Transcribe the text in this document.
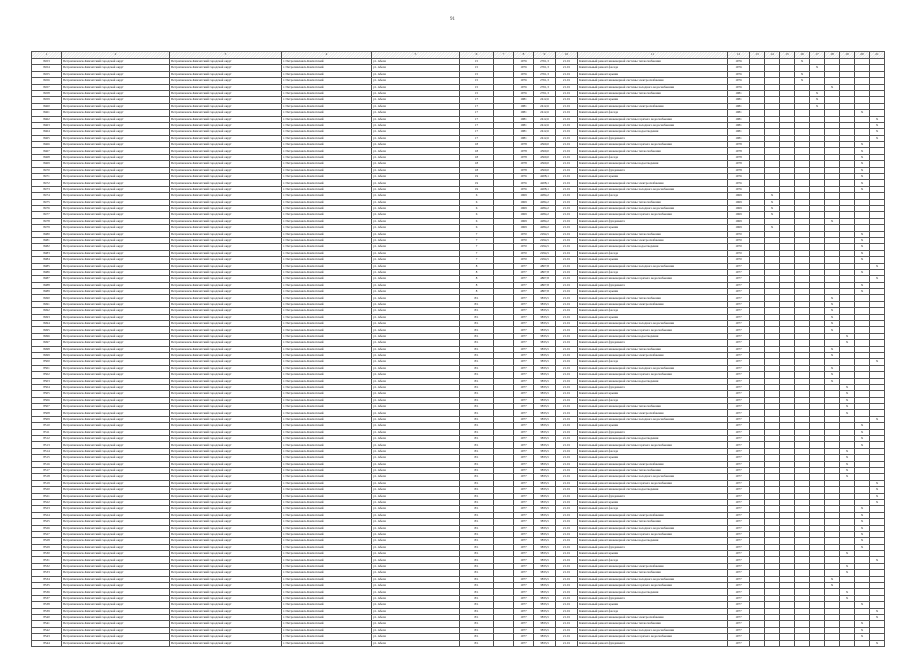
91
1	2	3	4	5	6	7	8	9	10	11	12	13	14	15	16	17	18	19	20	21
8453	Петропавловск-Камчатский городской округ	Петропавловск-Камчатский городской округ	г. Петропавловск-Камчатский	ул. Абеля	15		1976	2761,3	21.01	Капитальный ремонт инженерной системы теплоснабжения	1976				X					
8454	Петропавловск-Камчатский городской округ	Петропавловск-Камчатский городской округ	г. Петропавловск-Камчатский	ул. Абеля	15		1976	2761,3	21.01	Капитальный ремонт фасада	1976					X				
8455	Петропавловск-Камчатский городской округ	Петропавловск-Камчатский городской округ	г. Петропавловск-Камчатский	ул. Абеля	15		1976	2761,3	21.01	Капитальный ремонт крыши	1976				X					
8456	Петропавловск-Камчатский городской округ	Петропавловск-Камчатский городской округ	г. Петропавловск-Камчатский	ул. Абеля	15		1976	2761,3	21.01	Капитальный ремонт инженерной системы электроснабжения	1976				X					
8457	Петропавловск-Камчатский городской округ	Петропавловск-Камчатский городской округ	г. Петропавловск-Камчатский	ул. Абеля	15		1976	2761,3	21.01	Капитальный ремонт инженерной системы холодного водоснабжения	1976						X			
8458	Петропавловск-Камчатский городской округ	Петропавловск-Камчатский городской округ	г. Петропавловск-Камчатский	ул. Абеля	15		1976	2761,3	21.01	Капитальный ремонт инженерной системы теплоснабжения	1981					X				
8459	Петропавловск-Камчатский городской округ	Петропавловск-Камчатский городской округ	г. Петропавловск-Камчатский	ул. Абеля	17		1981	2412,6	21.01	Капитальный ремонт крыши	1981					X				
8460	Петропавловск-Камчатский городской округ	Петропавловск-Камчатский городской округ	г. Петропавловск-Камчатский	ул. Абеля	17		1981	2412,6	21.01	Капитальный ремонт инженерной системы электроснабжения	1981					X				
8461	Петропавловск-Камчатский городской округ	Петропавловск-Камчатский городской округ	г. Петропавловск-Камчатский	ул. Абеля	17		1981	2412,6	21.01	Капитальный ремонт фасада	1981								X	
8462	Петропавловск-Камчатский городской округ	Петропавловск-Камчатский городской округ	г. Петропавловск-Камчатский	ул. Абеля	17		1981	2412,6	21.01	Капитальный ремонт инженерной системы горячего водоснабжения	1981									X
8463	Петропавловск-Камчатский городской округ	Петропавловск-Камчатский городской округ	г. Петропавловск-Камчатский	ул. Абеля	17		1981	2412,6	21.01	Капитальный ремонт инженерной системы холодного водоснабжения	1981									X
8464	Петропавловск-Камчатский городской округ	Петропавловск-Камчатский городской округ	г. Петропавловск-Камчатский	ул. Абеля	17		1981	2412,6	21.01	Капитальный ремонт инженерной системы водоотведения	1981									X
8465	Петропавловск-Камчатский городской округ	Петропавловск-Камчатский городской округ	г. Петропавловск-Камчатский	ул. Абеля	17		1981	2412,6	21.01	Капитальный ремонт фундамента	1981									X
8466	Петропавловск-Камчатский городской округ	Петропавловск-Камчатский городской округ	г. Петропавловск-Камчатский	ул. Абеля	18		1978	4560,0	21.01	Капитальный ремонт инженерной системы горячего водоснабжения	1978								X	
8467	Петропавловск-Камчатский городской округ	Петропавловск-Камчатский городской округ	г. Петропавловск-Камчатский	ул. Абеля	18		1978	4560,0	21.01	Капитальный ремонт инженерной системы теплоснабжения	1978								X	
8468	Петропавловск-Камчатский городской округ	Петропавловск-Камчатский городской округ	г. Петропавловск-Камчатский	ул. Абеля	18		1978	4560,0	21.01	Капитальный ремонт фасада	1978								X	
8469	Петропавловск-Камчатский городской округ	Петропавловск-Камчатский городской округ	г. Петропавловск-Камчатский	ул. Абеля	18		1978	4560,0	21.01	Капитальный ремонт инженерной системы водоотведения	1978								X	
8470	Петропавловск-Камчатский городской округ	Петропавловск-Камчатский городской округ	г. Петропавловск-Камчатский	ул. Абеля	18		1978	4560,0	21.01	Капитальный ремонт фундамента	1978								X	
8471	Петропавловск-Камчатский городской округ	Петропавловск-Камчатский городской округ	г. Петропавловск-Камчатский	ул. Абеля	19		1976	4208,1	21.01	Капитальный ремонт крыши	1976								X	
8472	Петропавловск-Камчатский городской округ	Петропавловск-Камчатский городской округ	г. Петропавловск-Камчатский	ул. Абеля	19		1976	4208,1	21.01	Капитальный ремонт инженерной системы электроснабжения	1976								X	
8473	Петропавловск-Камчатский городской округ	Петропавловск-Камчатский городской округ	г. Петропавловск-Камчатский	ул. Абеля	19		1976	4208,1	21.01	Капитальный ремонт инженерной системы холодного водоснабжения	1976								X	
8474	Петропавловск-Камчатский городской округ	Петропавловск-Камчатский городской округ	г. Петропавловск-Камчатский	ул. Абеля	6		1969	4284,2	21.01	Капитальный ремонт фасада	1969		X							
8475	Петропавловск-Камчатский городской округ	Петропавловск-Камчатский городской округ	г. Петропавловск-Камчатский	ул. Абеля	6		1969	4284,2	21.01	Капитальный ремонт инженерной системы теплоснабжения	1969		X							
8476	Петропавловск-Камчатский городской округ	Петропавловск-Камчатский городской округ	г. Петропавловск-Камчатский	ул. Абеля	6		1969	4284,2	21.01	Капитальный ремонт инженерной системы холодного водоснабжения	1969		X							
8477	Петропавловск-Камчатский городской округ	Петропавловск-Камчатский городской округ	г. Петропавловск-Камчатский	ул. Абеля	6		1969	4284,2	21.01	Капитальный ремонт инженерной системы горячего водоснабжения	1969		X							
8478	Петропавловск-Камчатский городской округ	Петропавловск-Камчатский городской округ	г. Петропавловск-Камчатский	ул. Абеля	6		1969	4284,2	21.01	Капитальный ремонт фундамента	1969						X			
8479	Петропавловск-Камчатский городской округ	Петропавловск-Камчатский городской округ	г. Петропавловск-Камчатский	ул. Абеля	6		1969	4284,2	21.01	Капитальный ремонт крыши	1969		X							
8480	Петропавловск-Камчатский городской округ	Петропавловск-Камчатский городской округ	г. Петропавловск-Камчатский	ул. Абеля	7		1970	2294,5	21.01	Капитальный ремонт инженерной системы теплоснабжения	1970								X	
8481	Петропавловск-Камчатский городской округ	Петропавловск-Камчатский городской округ	г. Петропавловск-Камчатский	ул. Абеля	7		1970	2294,5	21.01	Капитальный ремонт инженерной системы электроснабжения	1970								X	
8482	Петропавловск-Камчатский городской округ	Петропавловск-Камчатский городской округ	г. Петропавловск-Камчатский	ул. Абеля	7		1970	2294,5	21.01	Капитальный ремонт инженерной системы водоотведения	1970								X	
8483	Петропавловск-Камчатский городской округ	Петропавловск-Камчатский городской округ	г. Петропавловск-Камчатский	ул. Абеля	7		1970	2294,5	21.01	Капитальный ремонт фасада	1970								X	
8484	Петропавловск-Камчатский городской округ	Петропавловск-Камчатский городской округ	г. Петропавловск-Камчатский	ул. Абеля	7		1970	2294,5	21.01	Капитальный ремонт крыши	1970								X	
8485	Петропавловск-Камчатский городской округ	Петропавловск-Камчатский городской округ	г. Петропавловск-Камчатский	ул. Абеля	8		1977	4807,8	21.01	Капитальный ремонт инженерной системы холодного водоснабжения	1977									X
8486	Петропавловск-Камчатский городской округ	Петропавловск-Камчатский городской округ	г. Петропавловск-Камчатский	ул. Абеля	8		1977	4807,8	21.01	Капитальный ремонт фасада	1977								X	
8487	Петропавловск-Камчатский городской округ	Петропавловск-Камчатский городской округ	г. Петропавловск-Камчатский	ул. Абеля	8		1977	4807,8	21.01	Капитальный ремонт инженерной системы горячего водоснабжения	1977									X
8488	Петропавловск-Камчатский городской округ	Петропавловск-Камчатский городской округ	г. Петропавловск-Камчатский	ул. Абеля	8		1977	4807,8	21.01	Капитальный ремонт фундамента	1977								X	
8489	Петропавловск-Камчатский городской округ	Петропавловск-Камчатский городской округ	г. Петропавловск-Камчатский	ул. Абеля	8		1977	4807,8	21.01	Капитальный ремонт крыши	1977								X	
8490	Петропавловск-Камчатский городской округ	Петропавловск-Камчатский городской округ	г. Петропавловск-Камчатский	ул. Абеля	8/1		1977	3833,5	21.01	Капитальный ремонт инженерной системы теплоснабжения	1977						X			
8491	Петропавловск-Камчатский городской округ	Петропавловск-Камчатский городской округ	г. Петропавловск-Камчатский	ул. Абеля	8/1		1977	3833,5	21.01	Капитальный ремонт инженерной системы электроснабжения	1977						X			
8492	Петропавловск-Камчатский городской округ	Петропавловск-Камчатский городской округ	г. Петропавловск-Камчатский	ул. Абеля	8/1		1977	3833,5	21.01	Капитальный ремонт фасада	1977						X			
8493	Петропавловск-Камчатский городской округ	Петропавловск-Камчатский городской округ	г. Петропавловск-Камчатский	ул. Абеля	8/1		1977	3833,5	21.01	Капитальный ремонт крыши	1977						X			
8494	Петропавловск-Камчатский городской округ	Петропавловск-Камчатский городской округ	г. Петропавловск-Камчатский	ул. Абеля	8/1		1977	3833,5	21.01	Капитальный ремонт инженерной системы холодного водоснабжения	1977						X			
8495	Петропавловск-Камчатский городской округ	Петропавловск-Камчатский городской округ	г. Петропавловск-Камчатский	ул. Абеля	8/1		1977	3833,5	21.01	Капитальный ремонт инженерной системы горячего водоснабжения	1977						X			
8496	Петропавловск-Камчатский городской округ	Петропавловск-Камчатский городской округ	г. Петропавловск-Камчатский	ул. Абеля	8/1		1977	3833,5	21.01	Капитальный ремонт инженерной системы водоотведения	1977							X		
8497	Петропавловск-Камчатский городской округ	Петропавловск-Камчатский городской округ	г. Петропавловск-Камчатский	ул. Абеля	8/1		1977	3833,5	21.01	Капитальный ремонт фундамента	1977							X		
8498	Петропавловск-Камчатский городской округ	Петропавловск-Камчатский городской округ	г. Петропавловск-Камчатский	ул. Абеля	8/1		1977	3833,5	21.01	Капитальный ремонт инженерной системы теплоснабжения	1977						X			
8499	Петропавловск-Камчатский городской округ	Петропавловск-Камчатский городской округ	г. Петропавловск-Камчатский	ул. Абеля	8/1		1977	3833,5	21.01	Капитальный ремонт инженерной системы электроснабжения	1977						X			
8500	Петропавловск-Камчатский городской округ	Петропавловск-Камчатский городской округ	г. Петропавловск-Камчатский	ул. Абеля	8/1		1977	3833,5	21.01	Капитальный ремонт фасада	1977									X
8501	Петропавловск-Камчатский городской округ	Петропавловск-Камчатский городской округ	г. Петропавловск-Камчатский	ул. Абеля	8/1		1977	3833,5	21.01	Капитальный ремонт инженерной системы холодного водоснабжения	1977						X			
8502	Петропавловск-Камчатский городской округ	Петропавловск-Камчатский городской округ	г. Петропавловск-Камчатский	ул. Абеля	8/1		1977	3833,5	21.01	Капитальный ремонт инженерной системы горячего водоснабжения	1977						X			
8503	Петропавловск-Камчатский городской округ	Петропавловск-Камчатский городской округ	г. Петропавловск-Камчатский	ул. Абеля	8/1		1977	3833,5	21.01	Капитальный ремонт инженерной системы водоотведения	1977						X			
8504	Петропавловск-Камчатский городской округ	Петропавловск-Камчатский городской округ	г. Петропавловск-Камчатский	ул. Абеля	8/1		1977	3833,5	21.01	Капитальный ремонт фундамента	1977							X		
8505	Петропавловск-Камчатский городской округ	Петропавловск-Камчатский городской округ	г. Петропавловск-Камчатский	ул. Абеля	8/1		1977	3833,5	21.01	Капитальный ремонт крыши	1977							X		
8506	Петропавловск-Камчатский городской округ	Петропавловск-Камчатский городской округ	г. Петропавловск-Камчатский	ул. Абеля	8/1		1977	3833,5	21.01	Капитальный ремонт фасада	1977							X		
8507	Петропавловск-Камчатский городской округ	Петропавловск-Камчатский городской округ	г. Петропавловск-Камчатский	ул. Абеля	8/1		1977	3833,5	21.01	Капитальный ремонт инженерной системы теплоснабжения	1977							X		
8508	Петропавловск-Камчатский городской округ	Петропавловск-Камчатский городской округ	г. Петропавловск-Камчатский	ул. Абеля	8/1		1977	3833,5	21.01	Капитальный ремонт инженерной системы электроснабжения	1977							X		
8509	Петропавловск-Камчатский городской округ	Петропавловск-Камчатский городской округ	г. Петропавловск-Камчатский	ул. Абеля	8/1		1977	3833,5	21.01	Капитальный ремонт инженерной системы холодного водоснабжения	1977									X
8510	Петропавловск-Камчатский городской округ	Петропавловск-Камчатский городской округ	г. Петропавловск-Камчатский	ул. Абеля	8/1		1977	3833,5	21.01	Капитальный ремонт крыши	1977								X	
8511	Петропавловск-Камчатский городской округ	Петропавловск-Камчатский городской округ	г. Петропавловск-Камчатский	ул. Абеля	8/1		1977	3833,5	21.01	Капитальный ремонт фундамента	1977								X	
8512	Петропавловск-Камчатский городской округ	Петропавловск-Камчатский городской округ	г. Петропавловск-Камчатский	ул. Абеля	8/1		1977	3833,5	21.01	Капитальный ремонт инженерной системы водоотведения	1977								X	
8513	Петропавловск-Камчатский городской округ	Петропавловск-Камчатский городской округ	г. Петропавловск-Камчатский	ул. Абеля	8/1		1977	3833,5	21.01	Капитальный ремонт инженерной системы горячего водоснабжения	1977								X	
8514	Петропавловск-Камчатский городской округ	Петропавловск-Камчатский городской округ	г. Петропавловск-Камчатский	ул. Абеля	8/1		1977	3833,5	21.01	Капитальный ремонт фасада	1977							X		
8515	Петропавловск-Камчатский городской округ	Петропавловск-Камчатский городской округ	г. Петропавловск-Камчатский	ул. Абеля	8/1		1977	3833,5	21.01	Капитальный ремонт крыши	1977							X		
8516	Петропавловск-Камчатский городской округ	Петропавловск-Камчатский городской округ	г. Петропавловск-Камчатский	ул. Абеля	8/1		1977	3833,5	21.01	Капитальный ремонт инженерной системы электроснабжения	1977							X		
8517	Петропавловск-Камчатский городской округ	Петропавловск-Камчатский городской округ	г. Петропавловск-Камчатский	ул. Абеля	8/1		1977	3833,5	21.01	Капитальный ремонт инженерной системы теплоснабжения	1977							X		
8518	Петропавловск-Камчатский городской округ	Петропавловск-Камчатский городской округ	г. Петропавловск-Камчатский	ул. Абеля	8/1		1977	3833,5	21.01	Капитальный ремонт инженерной системы холодного водоснабжения	1977							X		
8519	Петропавловск-Камчатский городской округ	Петропавловск-Камчатский городской округ	г. Петропавловск-Камчатский	ул. Абеля	8/1		1977	3833,5	21.01	Капитальный ремонт инженерной системы горячего водоснабжения	1977									X
8520	Петропавловск-Камчатский городской округ	Петропавловск-Камчатский городской округ	г. Петропавловск-Камчатский	ул. Абеля	8/1		1977	3833,5	21.01	Капитальный ремонт инженерной системы водоотведения	1977									X
8521	Петропавловск-Камчатский городской округ	Петропавловск-Камчатский городской округ	г. Петропавловск-Камчатский	ул. Абеля	8/1		1977	3833,5	21.01	Капитальный ремонт фундамента	1977									X
8522	Петропавловск-Камчатский городской округ	Петропавловск-Камчатский городской округ	г. Петропавловск-Камчатский	ул. Абеля	8/1		1977	3833,5	21.01	Капитальный ремонт крыши	1977									X
8523	Петропавловск-Камчатский городской округ	Петропавловск-Камчатский городской округ	г. Петропавловск-Камчатский	ул. Абеля	8/1		1977	3833,5	21.01	Капитальный ремонт фасада	1977								X	
8524	Петропавловск-Камчатский городской округ	Петропавловск-Камчатский городской округ	г. Петропавловск-Камчатский	ул. Абеля	8/1		1977	3833,5	21.01	Капитальный ремонт инженерной системы электроснабжения	1977								X	
8525	Петропавловск-Камчатский городской округ	Петропавловск-Камчатский городской округ	г. Петропавловск-Камчатский	ул. Абеля	8/1		1977	3833,5	21.01	Капитальный ремонт инженерной системы теплоснабжения	1977								X	
8526	Петропавловск-Камчатский городской округ	Петропавловск-Камчатский городской округ	г. Петропавловск-Камчатский	ул. Абеля	8/1		1977	3833,5	21.01	Капитальный ремонт инженерной системы холодного водоснабжения	1977								X	
8527	Петропавловск-Камчатский городской округ	Петропавловск-Камчатский городской округ	г. Петропавловск-Камчатский	ул. Абеля	8/1		1977	3833,5	21.01	Капитальный ремонт инженерной системы горячего водоснабжения	1977								X	
8528	Петропавловск-Камчатский городской округ	Петропавловск-Камчатский городской округ	г. Петропавловск-Камчатский	ул. Абеля	8/1		1977	3833,5	21.01	Капитальный ремонт инженерной системы водоотведения	1977								X	
8529	Петропавловск-Камчатский городской округ	Петропавловск-Камчатский городской округ	г. Петропавловск-Камчатский	ул. Абеля	8/1		1977	3833,5	21.01	Капитальный ремонт фундамента	1977								X	
8530	Петропавловск-Камчатский городской округ	Петропавловск-Камчатский городской округ	г. Петропавловск-Камчатский	ул. Абеля	8/1		1977	3833,5	21.01	Капитальный ремонт крыши	1977							X		
8531	Петропавловск-Камчатский городской округ	Петропавловск-Камчатский городской округ	г. Петропавловск-Камчатский	ул. Абеля	8/1		1977	3833,5	21.01	Капитальный ремонт фасада	1977									X
8532	Петропавловск-Камчатский городской округ	Петропавловск-Камчатский городской округ	г. Петропавловск-Камчатский	ул. Абеля	8/1		1977	3833,5	21.01	Капитальный ремонт инженерной системы электроснабжения	1977							X		
8533	Петропавловск-Камчатский городской округ	Петропавловск-Камчатский городской округ	г. Петропавловск-Камчатский	ул. Абеля	8/1		1977	3833,5	21.01	Капитальный ремонт инженерной системы теплоснабжения	1977							X		
8534	Петропавловск-Камчатский городской округ	Петропавловск-Камчатский городской округ	г. Петропавловск-Камчатский	ул. Абеля	8/1		1977	3833,5	21.01	Капитальный ремонт инженерной системы холодного водоснабжения	1977						X			
8535	Петропавловск-Камчатский городской округ	Петропавловск-Камчатский городской округ	г. Петропавловск-Камчатский	ул. Абеля	8/1		1977	3833,5	21.01	Капитальный ремонт инженерной системы горячего водоснабжения	1977						X			
8536	Петропавловск-Камчатский городской округ	Петропавловск-Камчатский городской округ	г. Петропавловск-Камчатский	ул. Абеля	8/1		1977	3833,5	21.01	Капитальный ремонт инженерной системы водоотведения	1977							X		
8537	Петропавловск-Камчатский городской округ	Петропавловск-Камчатский городской округ	г. Петропавловск-Камчатский	ул. Абеля	8/1		1977	3833,5	21.01	Капитальный ремонт фундамента	1977							X		
8538	Петропавловск-Камчатский городской округ	Петропавловск-Камчатский городской округ	г. Петропавловск-Камчатский	ул. Абеля	8/1		1977	3833,5	21.01	Капитальный ремонт крыши	1977								X	
8539	Петропавловск-Камчатский городской округ	Петропавловск-Камчатский городской округ	г. Петропавловск-Камчатский	ул. Абеля	8/1		1977	3833,5	21.01	Капитальный ремонт фасада	1977									X
8540	Петропавловск-Камчатский городской округ	Петропавловск-Камчатский городской округ	г. Петропавловск-Камчатский	ул. Абеля	8/1		1977	3833,5	21.01	Капитальный ремонт инженерной системы электроснабжения	1977									X
8541	Петропавловск-Камчатский городской округ	Петропавловск-Камчатский городской округ	г. Петропавловск-Камчатский	ул. Абеля	8/1		1977	3833,5	21.01	Капитальный ремонт инженерной системы теплоснабжения	1977								X	
8542	Петропавловск-Камчатский городской округ	Петропавловск-Камчатский городской округ	г. Петропавловск-Камчатский	ул. Абеля	8/1		1977	3833,5	21.01	Капитальный ремонт инженерной системы холодного водоснабжения	1977								X	
8543	Петропавловск-Камчатский городской округ	Петропавловск-Камчатский городской округ	г. Петропавловск-Камчатский	ул. Абеля	8/1		1977	3833,5	21.01	Капитальный ремонт инженерной системы горячего водоснабжения	1977								X	
8544	Петропавловск-Камчатский городской округ	Петропавловск-Камчатский городской округ	г. Петропавловск-Камчатский	ул. Абеля	8/1		1977	3833,5	21.01	Капитальный ремонт фундамента	1977									X
